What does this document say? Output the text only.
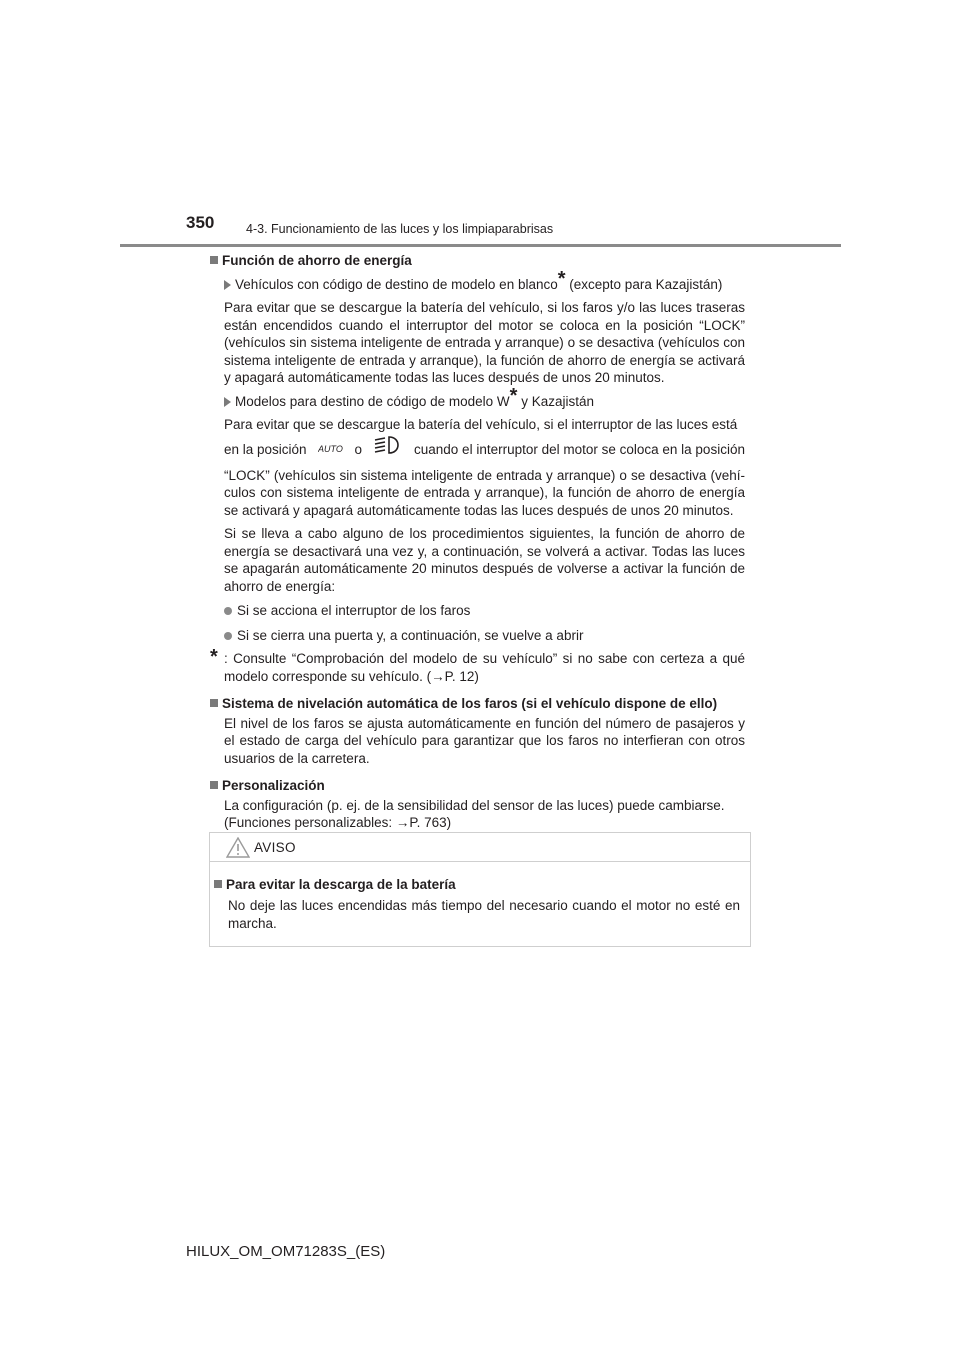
350	4-3. Funcionamiento de las luces y los limpiaparabrisas
Función de ahorro de energía
Vehículos con código de destino de modelo en blanco* (excepto para Kazajistán)
Para evitar que se descargue la batería del vehículo, si los faros y/o las luces traseras están encendidos cuando el interruptor del motor se coloca en la posición “LOCK” (vehículos sin sistema inteligente de entrada y arranque) o se desactiva (vehículos con sistema inteligente de entrada y arranque), la función de ahorro de energía se activará y apagará automáticamente todas las luces después de unos 20 minutos.
Modelos para destino de código de modelo W* y Kazajistán
Para evitar que se descargue la batería del vehículo, si el interruptor de las luces está
en la posición AUTO o	cuando el interruptor del motor se coloca en la posición
“LOCK” (vehículos sin sistema inteligente de entrada y arranque) o se desactiva (vehí-culos con sistema inteligente de entrada y arranque), la función de ahorro de energía se activará y apagará automáticamente todas las luces después de unos 20 minutos.
Si se lleva a cabo alguno de los procedimientos siguientes, la función de ahorro de energía se desactivará una vez y, a continuación, se volverá a activar. Todas las luces se apagarán automáticamente 20 minutos después de volverse a activar la función de ahorro de energía:
Si se acciona el interruptor de los faros
Si se cierra una puerta y, a continuación, se vuelve a abrir
* : Consulte “Comprobación del modelo de su vehículo” si no sabe con certeza a qué modelo corresponde su vehículo. (→P. 12)
Sistema de nivelación automática de los faros (si el vehículo dispone de ello)
El nivel de los faros se ajusta automáticamente en función del número de pasajeros y el estado de carga del vehículo para garantizar que los faros no interfieran con otros usuarios de la carretera.
Personalización
La configuración (p. ej. de la sensibilidad del sensor de las luces) puede cambiarse.
(Funciones personalizables: →P. 763)
AVISO
Para evitar la descarga de la batería
No deje las luces encendidas más tiempo del necesario cuando el motor no esté en marcha.
HILUX_OM_OM71283S_(ES)
